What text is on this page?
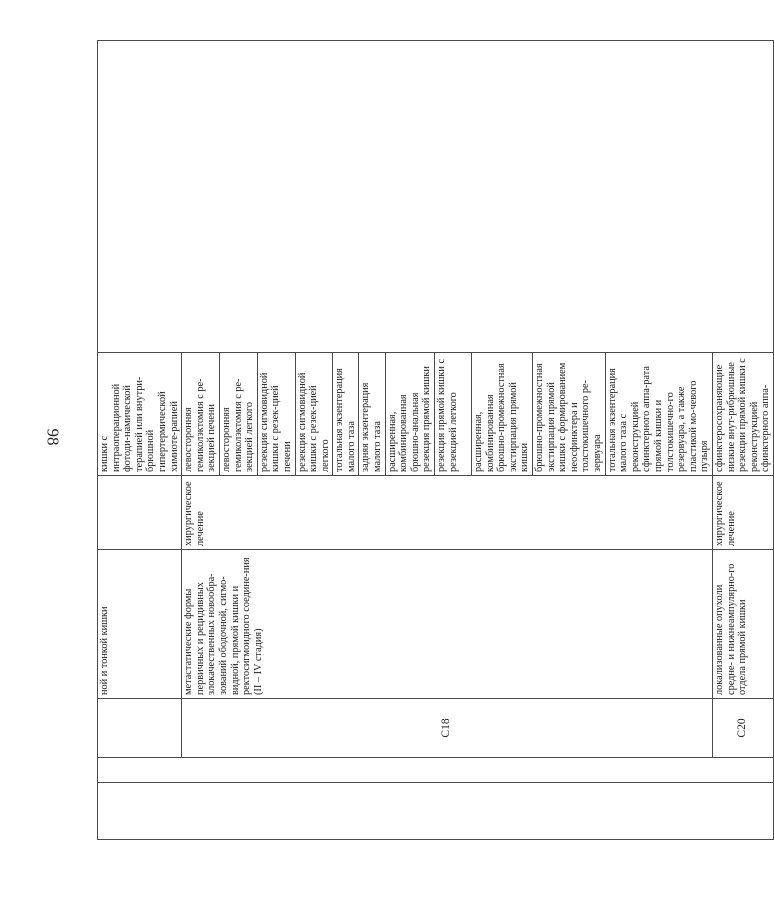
98
			ной и тонкой кишки		кишки с интраоперационной фотоди-намической терапией или внутри-брюшной гипертермической химиоте-рапией	
		C18	метастатические формы первичных и рецидивных злокачественных новообра-зований ободочной, сигмо-видной, прямой кишки и ректосигмоидного соедине-ния (II – IV стадия)	хирургическое лечение	левосторонняя гемиколэктомия с ре-зекцией печени	
					левосторонняя гемиколэктомия с ре-зекцией легкого	
					резекция сигмовидной кишки с резек-цией печени	
					резекция сигмовидной кишки с резек-цией легкого	
					тотальная экзентерация малого таза	
					задняя экзентерация малого таза	
					расширенная, комбинированная брюшно-анальная резекция прямой кишки	
					резекция прямой кишки с резекцией легкого	
					расширенная, комбинированная брюшно-промежностная экстирпация прямой кишки	
					брюшно-промежностная экстирпация прямой кишки с формированием неосфинктера и толстокишечного ре-зервуара	
					тотальная экзентерация малого таза с реконструкцией сфинктерного аппа-рата прямой кишки и толстокишечно-го резервуара, а также пластикой мо-чевого пузыря	
		C20	локализованные опухоли средне- и нижнеампулярно-го отдела прямой кишки	хирургическое лечение	сфинктеросохраняющие низкие внут-рибрюшные резекции прямой кишки с реконструкцией сфинктерного аппа-	
